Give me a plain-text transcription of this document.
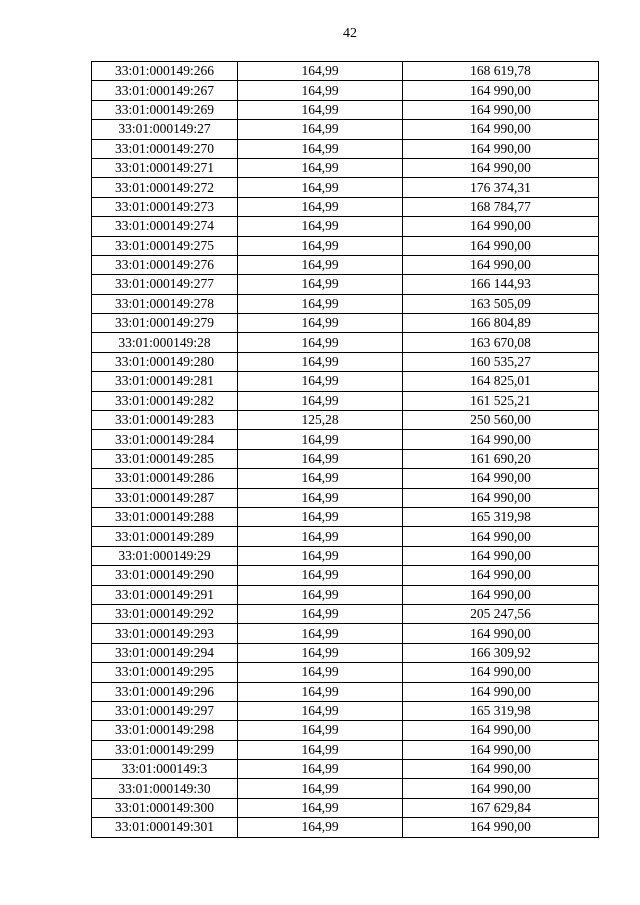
42
33:01:000149:266	164,99	168 619,78
33:01:000149:267	164,99	164 990,00
33:01:000149:269	164,99	164 990,00
33:01:000149:27	164,99	164 990,00
33:01:000149:270	164,99	164 990,00
33:01:000149:271	164,99	164 990,00
33:01:000149:272	164,99	176 374,31
33:01:000149:273	164,99	168 784,77
33:01:000149:274	164,99	164 990,00
33:01:000149:275	164,99	164 990,00
33:01:000149:276	164,99	164 990,00
33:01:000149:277	164,99	166 144,93
33:01:000149:278	164,99	163 505,09
33:01:000149:279	164,99	166 804,89
33:01:000149:28	164,99	163 670,08
33:01:000149:280	164,99	160 535,27
33:01:000149:281	164,99	164 825,01
33:01:000149:282	164,99	161 525,21
33:01:000149:283	125,28	250 560,00
33:01:000149:284	164,99	164 990,00
33:01:000149:285	164,99	161 690,20
33:01:000149:286	164,99	164 990,00
33:01:000149:287	164,99	164 990,00
33:01:000149:288	164,99	165 319,98
33:01:000149:289	164,99	164 990,00
33:01:000149:29	164,99	164 990,00
33:01:000149:290	164,99	164 990,00
33:01:000149:291	164,99	164 990,00
33:01:000149:292	164,99	205 247,56
33:01:000149:293	164,99	164 990,00
33:01:000149:294	164,99	166 309,92
33:01:000149:295	164,99	164 990,00
33:01:000149:296	164,99	164 990,00
33:01:000149:297	164,99	165 319,98
33:01:000149:298	164,99	164 990,00
33:01:000149:299	164,99	164 990,00
33:01:000149:3	164,99	164 990,00
33:01:000149:30	164,99	164 990,00
33:01:000149:300	164,99	167 629,84
33:01:000149:301	164,99	164 990,00
